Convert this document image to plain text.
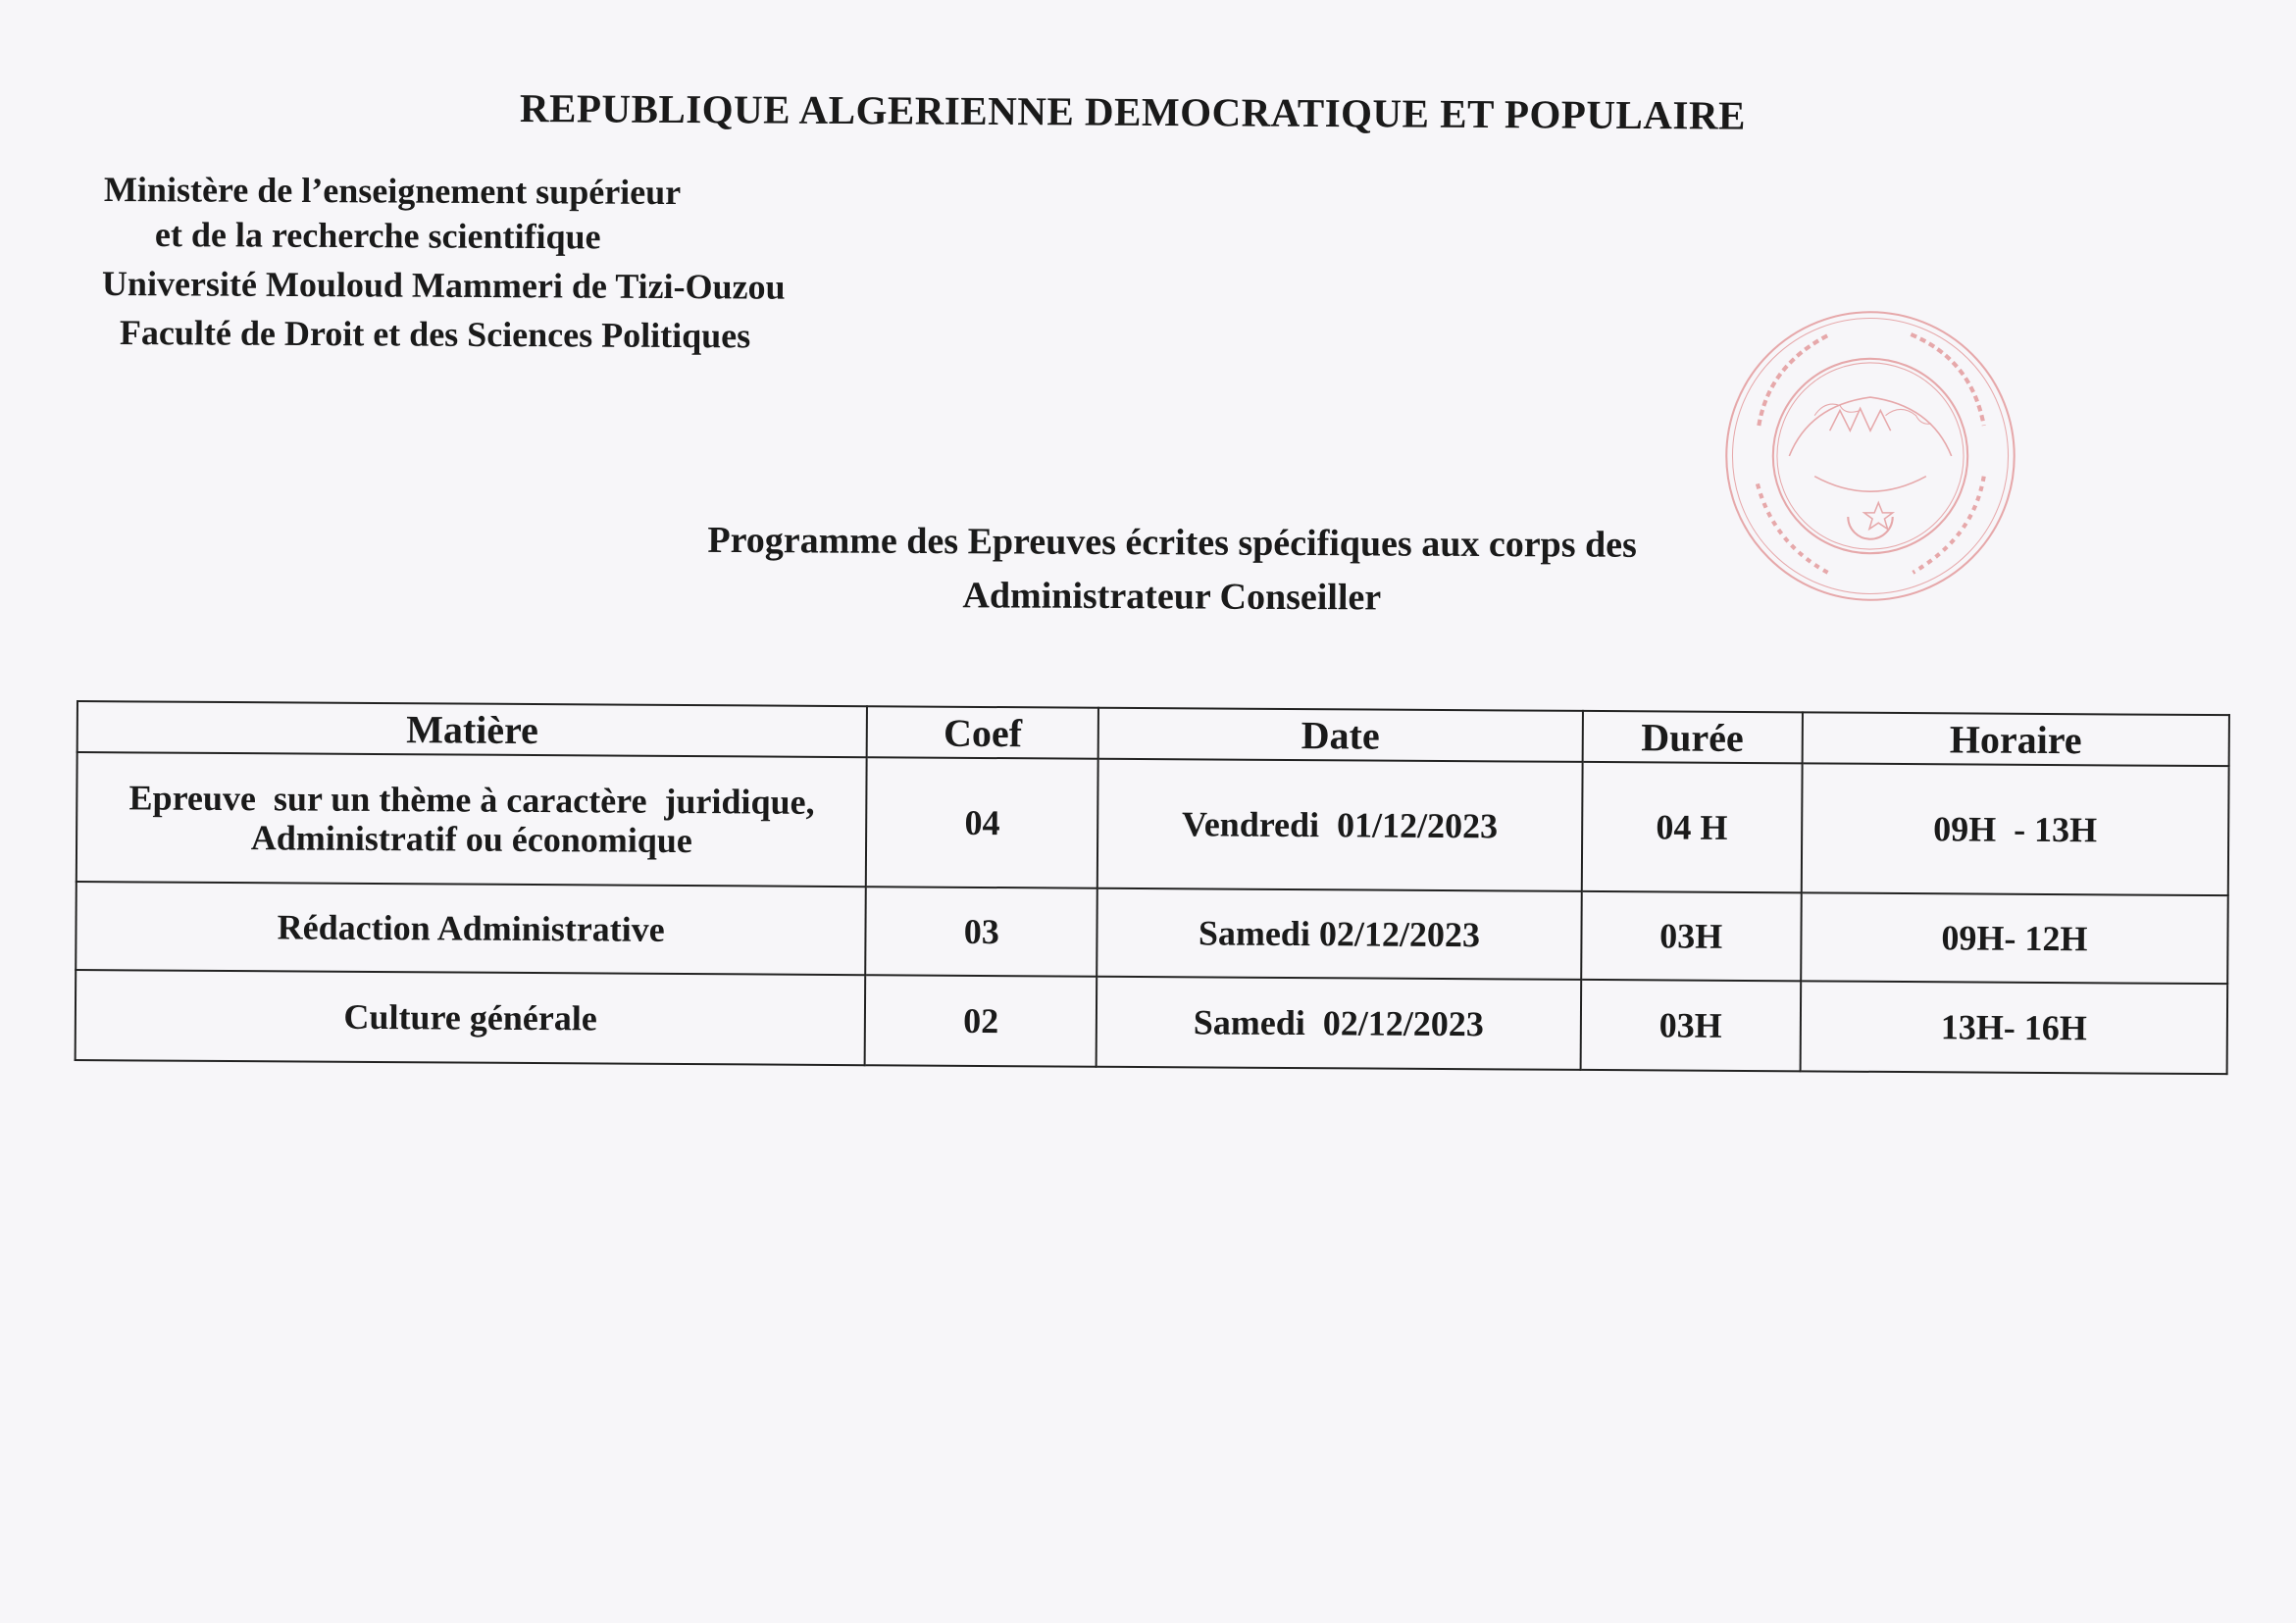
REPUBLIQUE ALGERIENNE DEMOCRATIQUE ET POPULAIRE
Ministère de l’enseignement supérieur
et de la recherche scientifique
Université Mouloud Mammeri de Tizi-Ouzou
Faculté de Droit et des Sciences Politiques
Programme des Epreuves écrites spécifiques aux corps des
Administrateur Conseiller
Matière	Coef	Date	Durée	Horaire

Epreuve  sur un thème à caractère  juridique,
Administratif ou économique	04	Vendredi  01/12/2023	04 H	09H  - 13H

Rédaction Administrative	03	Samedi 02/12/2023	03H	09H- 12H

Culture générale	02	Samedi  02/12/2023	03H	13H- 16H
